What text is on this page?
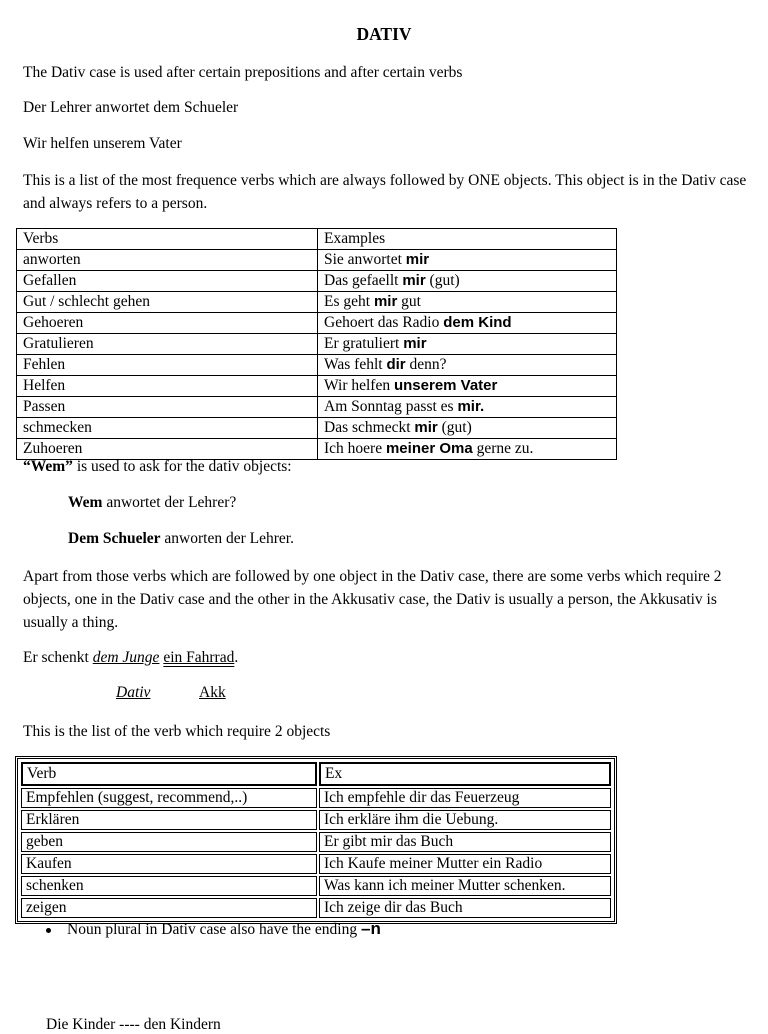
DATIV
The Dativ case is used after certain prepositions and after certain verbs
Der Lehrer anwortet dem Schueler
Wir helfen unserem Vater
This is a list of the most frequence verbs which are always followed by ONE objects. This object is in the Dativ case and always refers to a person.
Verbs	Examples
anworten	Sie anwortet mir
Gefallen	Das gefaellt mir (gut)
Gut / schlecht gehen	Es geht mir gut
Gehoeren	Gehoert das Radio dem Kind
Gratulieren	Er gratuliert mir
Fehlen	Was fehlt dir denn?
Helfen	Wir helfen unserem Vater
Passen	Am Sonntag passt es mir.
schmecken	Das schmeckt mir (gut)
Zuhoeren	Ich hoere meiner Oma gerne zu.
“Wem” is used to ask for the dativ objects:
Wem anwortet der Lehrer?
Dem Schueler anworten der Lehrer.
Apart from those verbs which are followed by one object in the Dativ case, there are some verbs which require 2 objects, one in the Dativ case and the other in the Akkusativ case, the Dativ is usually a person, the Akkusativ is usually a thing.
Er schenkt dem Junge ein Fahrrad.
Dativ	Akk
This is the list of the verb which require 2 objects
Verb	Ex
Empfehlen (suggest, recommend,..)	Ich empfehle dir das Feuerzeug
Erklären	Ich erkläre ihm die Uebung.
geben	Er gibt mir das Buch
Kaufen	Ich Kaufe meiner Mutter ein Radio
schenken	Was kann ich meiner Mutter schenken.
zeigen	Ich zeige dir das Buch
Noun plural in Dativ case also have the ending –n
Die Kinder ---- den Kindern
